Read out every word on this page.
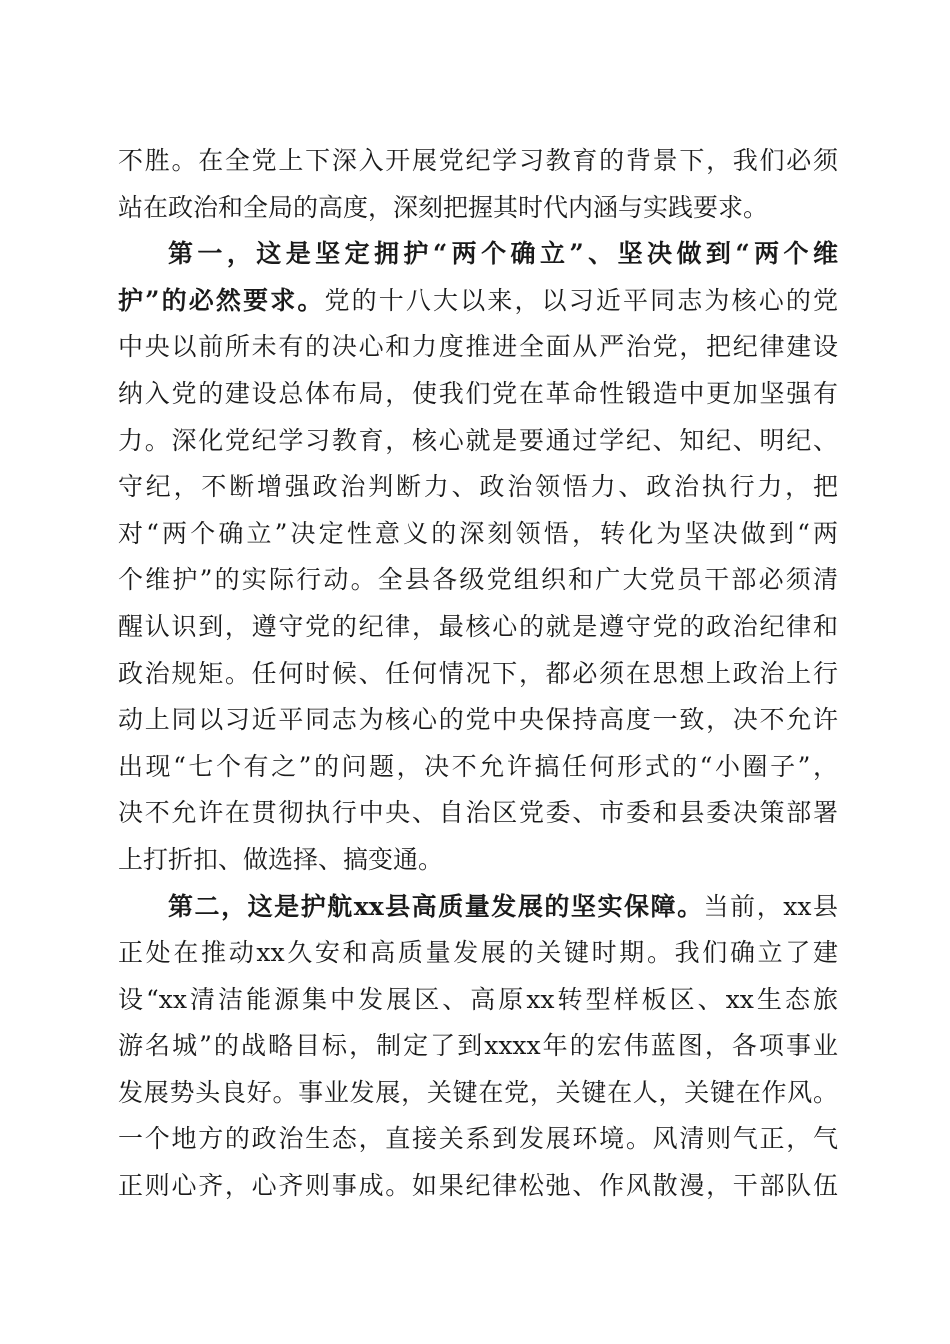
不胜。在全党上下深入开展党纪学习教育的背景下，我们必须
站在政治和全局的高度，深刻把握其时代内涵与实践要求。
第一，这是坚定拥护“两个确立”、坚决做到“两个维
护”的必然要求。党的十八大以来，以习近平同志为核心的党
中央以前所未有的决心和力度推进全面从严治党，把纪律建设
纳入党的建设总体布局，使我们党在革命性锻造中更加坚强有
力。深化党纪学习教育，核心就是要通过学纪、知纪、明纪、
守纪，不断增强政治判断力、政治领悟力、政治执行力，把
对“两个确立”决定性意义的深刻领悟，转化为坚决做到“两
个维护”的实际行动。全县各级党组织和广大党员干部必须清
醒认识到，遵守党的纪律，最核心的就是遵守党的政治纪律和
政治规矩。任何时候、任何情况下，都必须在思想上政治上行
动上同以习近平同志为核心的党中央保持高度一致，决不允许
出现“七个有之”的问题，决不允许搞任何形式的“小圈子”，
决不允许在贯彻执行中央、自治区党委、市委和县委决策部署
上打折扣、做选择、搞变通。
第二，这是护航xx县高质量发展的坚实保障。当前，xx县
正处在推动xx久安和高质量发展的关键时期。我们确立了建
设“xx清洁能源集中发展区、高原xx转型样板区、xx生态旅
游名城”的战略目标，制定了到xxxx年的宏伟蓝图，各项事业
发展势头良好。事业发展，关键在党，关键在人，关键在作风。
一个地方的政治生态，直接关系到发展环境。风清则气正，气
正则心齐，心齐则事成。如果纪律松弛、作风散漫，干部队伍
